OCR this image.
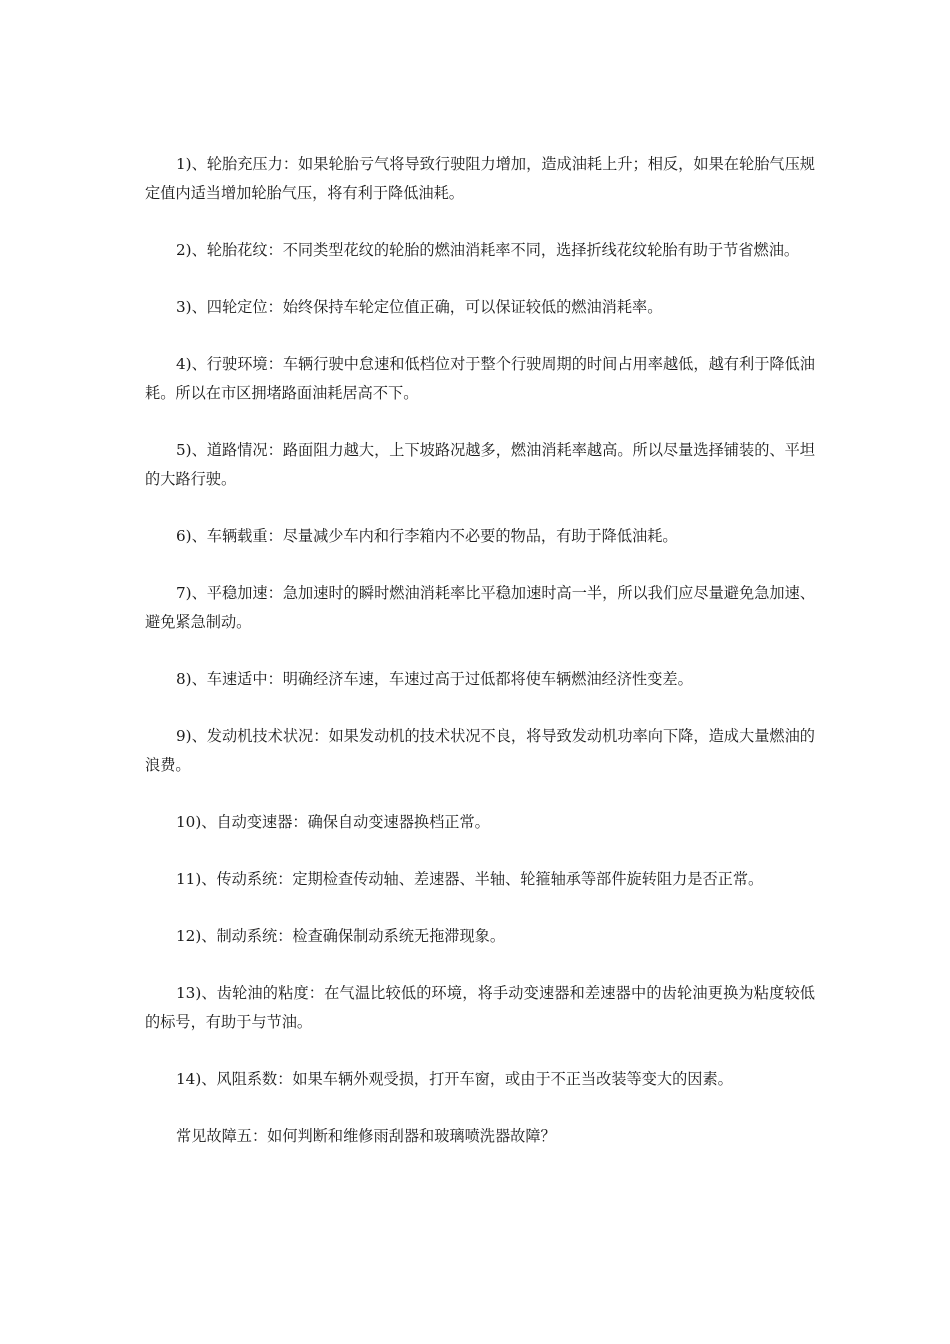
1)、轮胎充压力：如果轮胎亏气将导致行驶阻力增加，造成油耗上升；相反，如果在轮胎气压规定值内适当增加轮胎气压，将有利于降低油耗。

2)、轮胎花纹：不同类型花纹的轮胎的燃油消耗率不同，选择折线花纹轮胎有助于节省燃油。

3)、四轮定位：始终保持车轮定位值正确，可以保证较低的燃油消耗率。

4)、行驶环境：车辆行驶中怠速和低档位对于整个行驶周期的时间占用率越低，越有利于降低油耗。所以在市区拥堵路面油耗居高不下。

5)、道路情况：路面阻力越大，上下坡路况越多，燃油消耗率越高。所以尽量选择铺装的、平坦的大路行驶。

6)、车辆载重：尽量减少车内和行李箱内不必要的物品，有助于降低油耗。

7)、平稳加速：急加速时的瞬时燃油消耗率比平稳加速时高一半，所以我们应尽量避免急加速、避免紧急制动。

8)、车速适中：明确经济车速，车速过高于过低都将使车辆燃油经济性变差。

9)、发动机技术状况：如果发动机的技术状况不良，将导致发动机功率向下降，造成大量燃油的浪费。

10)、自动变速器：确保自动变速器换档正常。

11)、传动系统：定期检查传动轴、差速器、半轴、轮箍轴承等部件旋转阻力是否正常。

12)、制动系统：检查确保制动系统无拖滞现象。

13)、齿轮油的粘度：在气温比较低的环境，将手动变速器和差速器中的齿轮油更换为粘度较低的标号，有助于与节油。

14)、风阻系数：如果车辆外观受损，打开车窗，或由于不正当改装等变大的因素。

常见故障五：如何判断和维修雨刮器和玻璃喷洗器故障？
